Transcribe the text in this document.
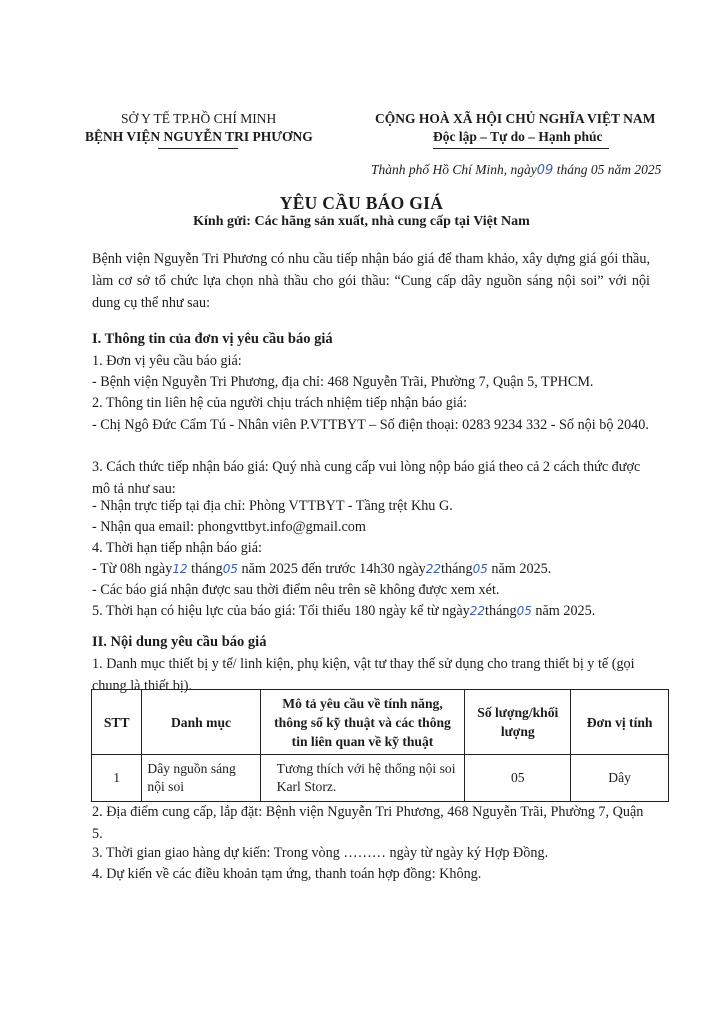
SỞ Y TẾ TP.HỒ CHÍ MINH
BỆNH VIỆN NGUYỄN TRI PHƯƠNG
CỘNG HOÀ XÃ HỘI CHỦ NGHĨA VIỆT NAM
Độc lập – Tự do – Hạnh phúc
Thành phố Hồ Chí Minh, ngày09 tháng 05 năm 2025
YÊU CẦU BÁO GIÁ
Kính gửi: Các hãng sản xuất, nhà cung cấp tại Việt Nam
Bệnh viện Nguyễn Tri Phương có nhu cầu tiếp nhận báo giá để tham khảo, xây dựng giá gói thầu, làm cơ sở tổ chức lựa chọn nhà thầu cho gói thầu: “Cung cấp dây nguồn sáng nội soi” với nội dung cụ thể như sau:
I. Thông tin của đơn vị yêu cầu báo giá
1. Đơn vị yêu cầu báo giá:
- Bệnh viện Nguyễn Tri Phương, địa chỉ: 468 Nguyễn Trãi, Phường 7, Quận 5, TPHCM.
2. Thông tin liên hệ của người chịu trách nhiệm tiếp nhận báo giá:
- Chị Ngô Đức Cẩm Tú - Nhân viên P.VTTBYT – Số điện thoại: 0283 9234 332 - Số nội bộ 2040.
3. Cách thức tiếp nhận báo giá: Quý nhà cung cấp vui lòng nộp báo giá theo cả 2 cách thức được mô tả như sau:
- Nhận trực tiếp tại địa chỉ: Phòng VTTBYT - Tầng trệt Khu G.
- Nhận qua email: phongvttbyt.info@gmail.com
4. Thời hạn tiếp nhận báo giá:
- Từ 08h ngày12 tháng05 năm 2025 đến trước 14h30 ngày22tháng05 năm 2025.
- Các báo giá nhận được sau thời điểm nêu trên sẽ không được xem xét.
5. Thời hạn có hiệu lực của báo giá: Tối thiểu 180 ngày kể từ ngày22tháng05 năm 2025.
II. Nội dung yêu cầu báo giá
1. Danh mục thiết bị y tế/ linh kiện, phụ kiện, vật tư thay thế sử dụng cho trang thiết bị y tế (gọi chung là thiết bị).
STT	Danh mục	Mô tả yêu cầu về tính năng, thông số kỹ thuật và các thông tin liên quan về kỹ thuật	Số lượng/khối lượng	Đơn vị tính
1	Dây nguồn sáng nội soi	Tương thích với hệ thống nội soi Karl Storz.	05	Dây
2. Địa điểm cung cấp, lắp đặt: Bệnh viện Nguyễn Tri Phương, 468 Nguyễn Trãi, Phường 7, Quận 5.
3. Thời gian giao hàng dự kiến: Trong vòng ……… ngày từ ngày ký Hợp Đồng.
4. Dự kiến về các điều khoản tạm ứng, thanh toán hợp đồng: Không.
